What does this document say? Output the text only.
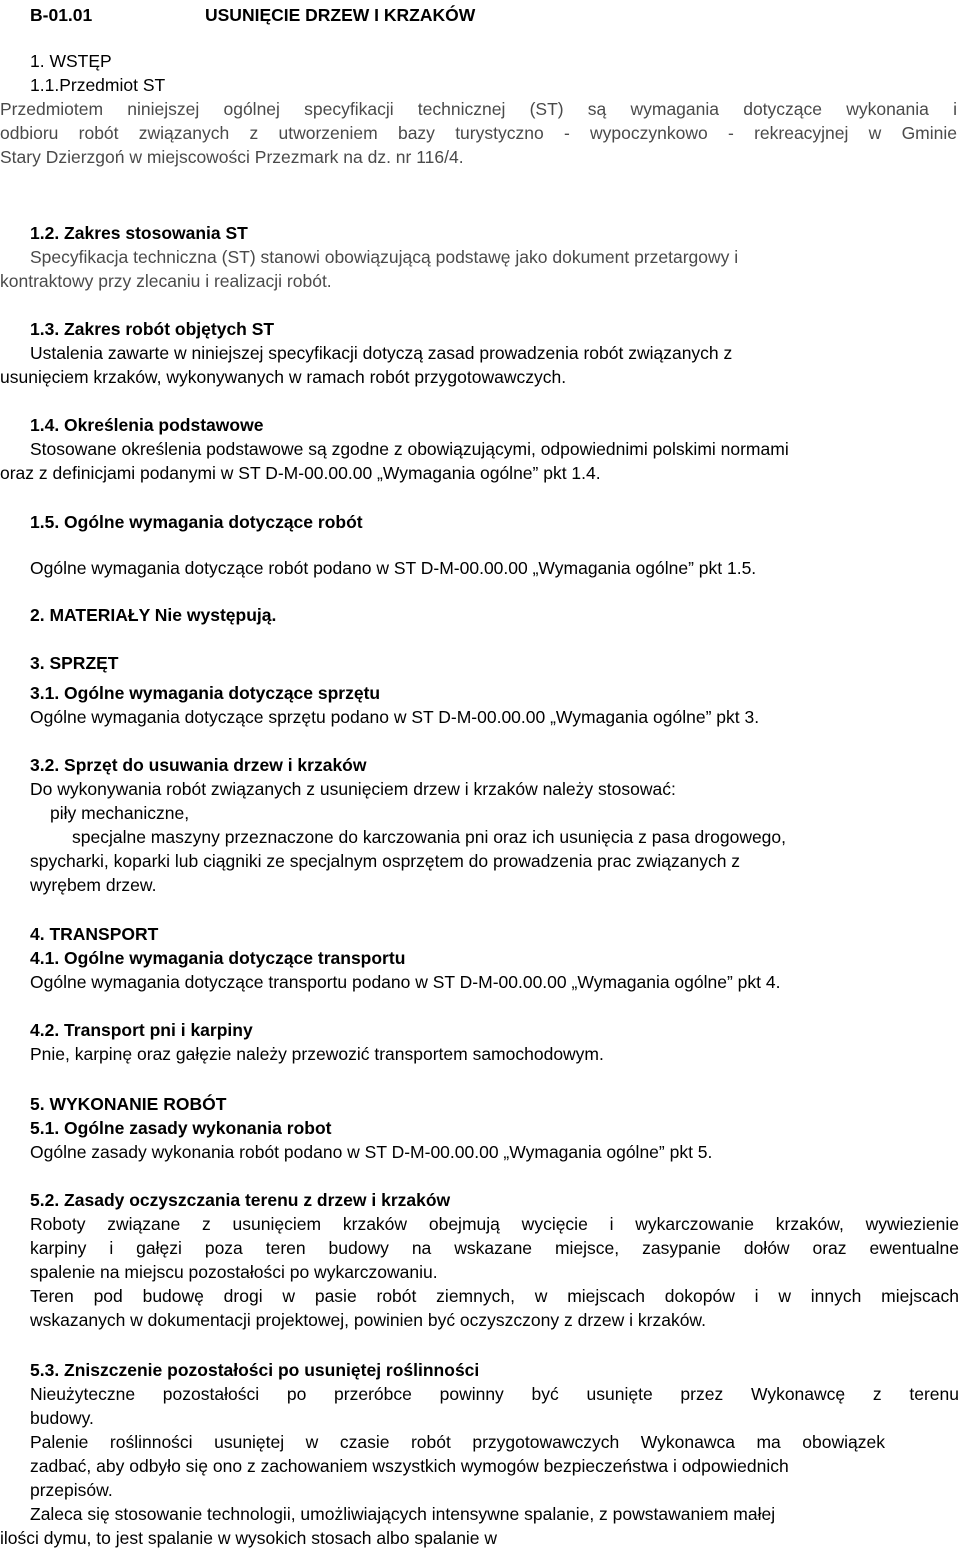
B-01.01	USUNIĘCIE DRZEW I KRZAKÓW
1. WSTĘP
1.1.Przedmiot ST
Przedmiotem niniejszej ogólnej specyfikacji technicznej (ST) są wymagania dotyczące wykonania i
odbioru robót związanych z utworzeniem bazy turystyczno - wypoczynkowo - rekreacyjnej w Gminie
Stary Dzierzgoń w miejscowości Przezmark na dz. nr 116/4.
1.2. Zakres stosowania ST
Specyfikacja techniczna (ST) stanowi obowiązującą podstawę jako dokument przetargowy i
kontraktowy przy zlecaniu i realizacji robót.
1.3. Zakres robót objętych ST
Ustalenia zawarte w niniejszej specyfikacji dotyczą zasad prowadzenia robót związanych z
usunięciem krzaków, wykonywanych w ramach robót przygotowawczych.
1.4. Określenia podstawowe
Stosowane określenia podstawowe są zgodne z obowiązującymi, odpowiednimi polskimi normami
oraz z definicjami podanymi w ST D-M-00.00.00 „Wymagania ogólne” pkt 1.4.
1.5. Ogólne wymagania dotyczące robót
Ogólne wymagania dotyczące robót podano w ST D-M-00.00.00 „Wymagania ogólne” pkt 1.5.
2. MATERIAŁY Nie występują.
3. SPRZĘT
3.1. Ogólne wymagania dotyczące sprzętu
Ogólne wymagania dotyczące sprzętu podano w ST D-M-00.00.00 „Wymagania ogólne” pkt 3.
3.2. Sprzęt do usuwania drzew i krzaków
Do wykonywania robót związanych z usunięciem drzew i krzaków należy stosować:
piły mechaniczne,
specjalne maszyny przeznaczone do karczowania pni oraz ich usunięcia z pasa drogowego,
spycharki, koparki lub ciągniki ze specjalnym osprzętem do prowadzenia prac związanych z
wyrębem drzew.
4. TRANSPORT
4.1. Ogólne wymagania dotyczące transportu
Ogólne wymagania dotyczące transportu podano w ST D-M-00.00.00 „Wymagania ogólne” pkt 4.
4.2. Transport pni i karpiny
Pnie, karpinę oraz gałęzie należy przewozić transportem samochodowym.
5. WYKONANIE ROBÓT
5.1. Ogólne zasady wykonania robot
Ogólne zasady wykonania robót podano w ST D-M-00.00.00 „Wymagania ogólne” pkt 5.
5.2. Zasady oczyszczania terenu z drzew i krzaków
Roboty związane z usunięciem krzaków obejmują wycięcie i wykarczowanie krzaków, wywiezienie
karpiny i gałęzi poza teren budowy na wskazane miejsce, zasypanie dołów oraz ewentualne
spalenie na miejscu pozostałości po wykarczowaniu.
Teren pod budowę drogi w pasie robót ziemnych, w miejscach dokopów i w innych miejscach
wskazanych w dokumentacji projektowej, powinien być oczyszczony z drzew i krzaków.
5.3. Zniszczenie pozostałości po usuniętej roślinności
Nieużyteczne pozostałości po przeróbce powinny być usunięte przez Wykonawcę z terenu
budowy.
Palenie roślinności usuniętej w czasie robót przygotowawczych Wykonawca ma obowiązek
zadbać, aby odbyło się ono z zachowaniem wszystkich wymogów bezpieczeństwa i odpowiednich
przepisów.
Zaleca się stosowanie technologii, umożliwiających intensywne spalanie, z powstawaniem małej
ilości dymu, to jest spalanie w wysokich stosach albo spalanie w
